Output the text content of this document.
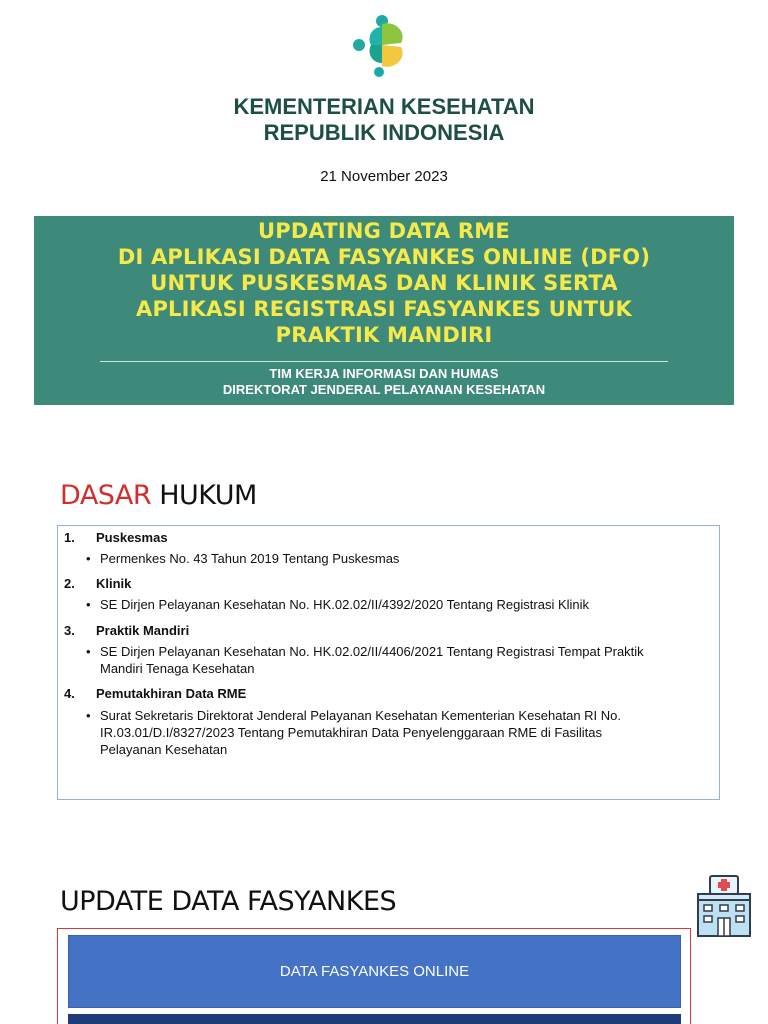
KEMENTERIAN KESEHATAN
REPUBLIK INDONESIA
21 November 2023
UPDATING DATA RME
DI APLIKASI DATA FASYANKES ONLINE (DFO)
UNTUK PUSKESMAS DAN KLINIK SERTA
APLIKASI REGISTRASI FASYANKES UNTUK
PRAKTIK MANDIRI
TIM KERJA INFORMASI DAN HUMAS
DIREKTORAT JENDERAL PELAYANAN KESEHATAN
DASAR HUKUM
1.	Puskesmas
• Permenkes No. 43 Tahun 2019 Tentang Puskesmas
2.	Klinik
• SE Dirjen Pelayanan Kesehatan No. HK.02.02/II/4392/2020 Tentang Registrasi Klinik
3.	Praktik Mandiri
• SE Dirjen Pelayanan Kesehatan No. HK.02.02/II/4406/2021 Tentang Registrasi Tempat Praktik
Mandiri Tenaga Kesehatan
4.	Pemutakhiran Data RME
• Surat Sekretaris Direktorat Jenderal Pelayanan Kesehatan Kementerian Kesehatan RI No.
IR.03.01/D.I/8327/2023 Tentang Pemutakhiran Data Penyelenggaraan RME di Fasilitas
Pelayanan Kesehatan
UPDATE DATA FASYANKES
DATA FASYANKES ONLINE
